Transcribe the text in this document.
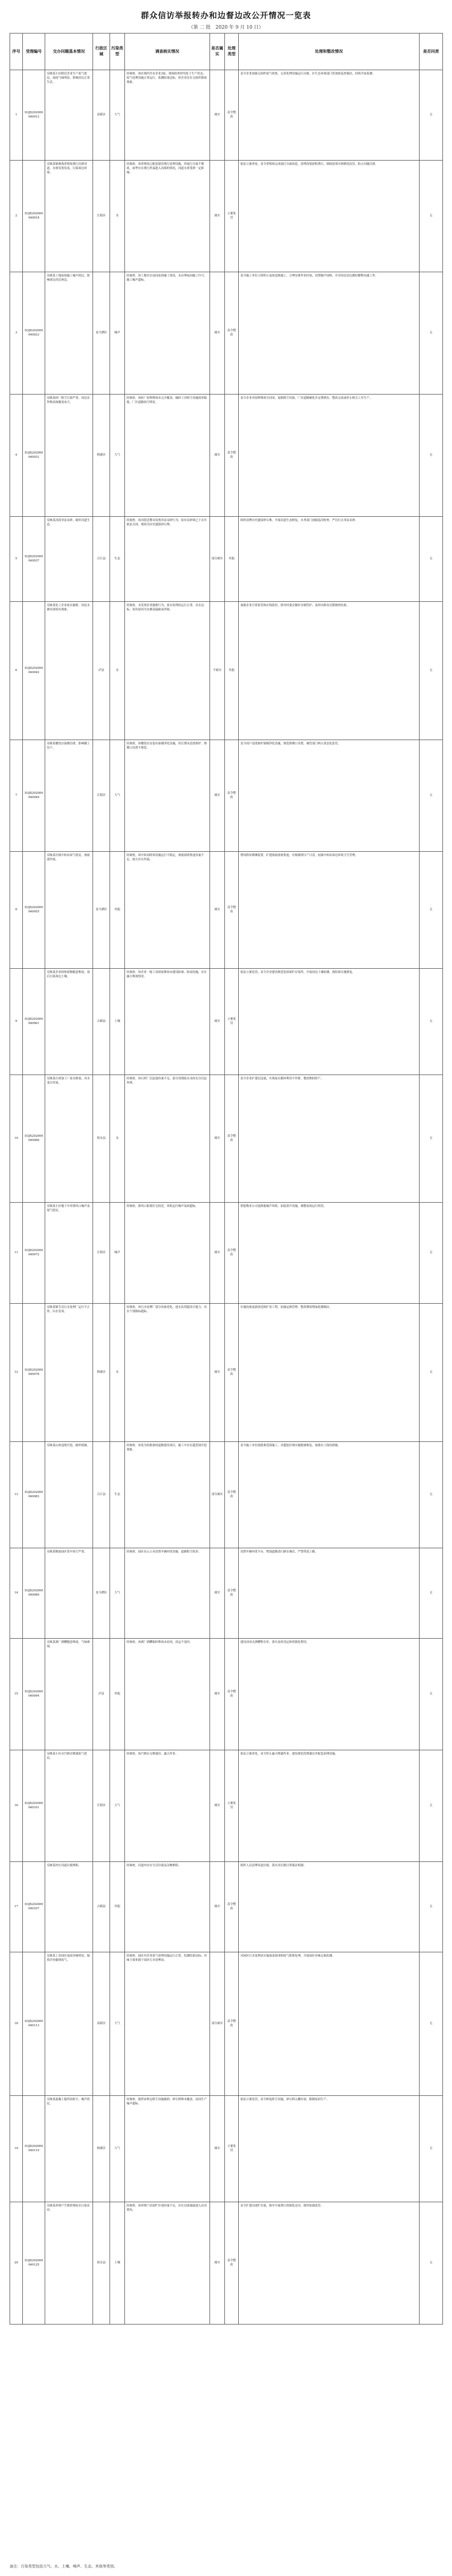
群众信访举报转办和边督边改公开情况一览表
（第 二 批　2020 年 9 月 10 日）
序号	受理编号	交办问题基本情况	行政区域	污染类型	调查核实情况	是否属实	处理类型	处理和整改情况	是否问责
1	D3JX202009040012	反映某小区附近企业生产废气扰民，夜间气味明显，影响居民正常生活。	高新区	大气	经调查，该区域内共有企业3家，现场检查时均处于生产状态，废气处理设施正常运行，监测结果达标，但企业存在无组织排放现象。	属实	责令整改	责令企业加强无组织废气收集，完善处理设施运行台账，区生态环境部门将加密巡查频次，持续开展监测。	无
2	D3JX202009040018	反映某镇畜禽养殖场粪污直排河道，水体发黑发臭，污染周边环境。	江阳区	水	经调查，该养殖场已配套建设粪污处理设施，但雨污分流不彻底，雨季存在粪污外溢进入沟渠的情况，河道水质受到一定影响。	属实	立案处罚	依法立案查处，责令养殖场完成雨污分流改造，清理沟渠淤积粪污，镇政府落实网格化监管，防止问题反弹。	无
3	D3JX202009040023	反映某工地夜间施工噪声扰民，影响周边居民休息。	龙马潭区	噪声	经调查，该工地存在夜间连续施工情况，未办理夜间施工许可，施工噪声超标。	属实	责令整改	责令施工单位立即停止夜间违规施工，合理安排作业时间，设置隔声屏障，并对周边居民做好解释沟通工作。	无
4	D3JX202009040031	反映某砖厂粉尘污染严重，周边农作物表面覆盖灰尘。	纳溪区	大气	经调查，该砖厂原料堆场未完全覆盖，破碎工序除尘设施效率偏低，厂区道路扬尘明显。	属实	责令整改	责令企业对原料堆场全封闭，更换除尘设备，厂区道路硬化并定期洒水，整改完成前停止相关工序生产。	无
5	D3JX202009040037	反映某河段非法采砂，破坏河道生态。	合江县	生态	经调查，该河段近期未发现非法采砂行为，原有采砂场已于去年依法关闭，现场为历史遗留砂石堆。	部分属实	其他	组织清理历史遗留砂石堆，开展河道生态修复，水务部门加强巡河检查，严厉打击非法采砂。	无
6	D3JX202009040042	反映某化工企业废水偷排，周边水塘出现死鱼现象。	泸县	水	经调查，未发现企业偷排行为，废水处理站运行正常，出水达标；死鱼原因为水塘高温缺氧所致。	不属实	其他	加强企业日常监管和在线监控，指导村委会做好水塘管护，及时向群众反馈调查结果。	无
7	D3JX202009040049	反映某餐饮店油烟直排，影响楼上住户。	江阳区	大气	经调查，该餐饮店安装有油烟净化设施，但长期未清洗维护，排烟口设置不规范。	属实	责令整改	责令商户清洗维护油烟净化设施，规范排烟口设置，城管部门纳入常态化监管。	无
8	D3JX202009040055	反映某垃圾中转站臭气扰民，渗滤液外流。	龙马潭区	其他	经调查，该中转站除臭设施运行不稳定，渗滤液收集池容量不足，雨天存在外溢。	属实	责令整改	增设除臭喷淋装置，扩建渗滤液收集池，垃圾做到日产日清，加强中转站周边环境卫生管理。	无
9	D3JX202009040061	反映某企业固体废物随意堆放，雨后污染周边土壤。	古蔺县	土壤	经调查，该企业一般工业固废堆场未建设防渗、防雨设施，存在露天堆放情况。	属实	立案处罚	依法立案处罚，责令企业建设规范化固废贮存场所，开展周边土壤检测，视结果实施修复。	无
10	D3JX202009040066	反映某石材加工厂废水排放，河水变白浑浊。	叙永县	水	经调查，该石材厂沉淀池容量不足，部分切割废水未经充分沉淀外排。	属实	责令整改	责令企业扩建沉淀池，实现废水循环利用不外排，整改期间停产。	无
11	D3JX202009040072	反映某小区地下车库排风口噪声及尾气扰民。	江阳区	噪声	经调查，排风口距离住宅较近，风机运行噪声夜间超标。	属实	责令整改	督促物业公司更换低噪声风机，加装消声设施，调整夜间运行时段。	无
12	D3JX202009040078	反映某镇生活污水处理厂运行不正常，出水发臭。	纳溪区	水	经调查，该污水处理厂部分设备老化，进水负荷超设计能力，出水个别指标超标。	属实	责令整改	实施设备更新改造和扩容工程，加强运维管理，整改期间增加监测频次。	无
13	D3JX202009040083	反映某山体违规开挖，破坏植被。	合江县	生态	经调查，该处为经批准的道路建设项目，施工中存在超范围开挖现象。	部分属实	责令整改	责令施工单位按批准范围施工，对超挖区域实施植被恢复，加强水土保持措施。	无
14	D3JX202009040089	反映某物流园区货车扬尘严重。	龙马潭区	大气	经调查，园区出入口未设置车辆冲洗设施，道路积尘较多。	属实	责令整改	设置车辆冲洗平台，增加道路清扫洒水频次，严禁带泥上路。	无
15	D3JX202009040094	反映某酒厂酒糟随意堆放，气味难闻。	泸县	其他	经调查，该酒厂酒糟临时堆场未封闭，清运不及时。	属实	责令整改	建设封闭式酒糟暂存库，落实及时清运和资源化利用。	无
16	D3JX202009040101	反映某小区旁汽修店喷漆废气扰民。	江阳区	大气	经调查，该汽修店无喷漆房，露天作业。	属实	立案处罚	依法立案查处，责令停止露天喷漆作业，建设规范化喷漆房并配套治理设施。	无
17	D3JX202009040107	反映某村庄河道垃圾堆积。	古蔺县	其他	经调查，河道内存在生活垃圾及杂物堆积。	属实	责令整改	组织人员清理河道垃圾，落实河长制日常保洁机制。	无
18	D3JX202009040113	反映某工业园区夜间异味明显，疑似企业偷排废气。	高新区	大气	经调查，园区内企业废气治理设施运行正常，监测结果达标；异味主要来源于园区污水处理站。	部分属实	责令整改	对园区污水处理站实施加盖密闭和废气收集处理，开展园区异味走航监测。	无
19	D3JX202009040119	反映某混凝土搅拌站粉尘、噪声扰民。	纳溪区	大气	经调查，搅拌站料仓除尘设施破损，砂石料堆未覆盖，夜间生产噪声超标。	属实	立案处罚	依法立案处罚，责令修复除尘设施，砂石料入棚存放，限制夜间生产。	无
20	D3JX202009040125	反映某养殖户生猪养殖废水污染农田。	叙永县	土壤	经调查，该养殖户沼液贮存池容量不足，存在沼液漫溢进入农田情况。	属实	责令整改	责令扩建沼液贮存池，指导开展粪污资源化还田，镇村加强监管。	无
备注：污染类型包括大气、水、土壤、噪声、生态、其他等类别。
